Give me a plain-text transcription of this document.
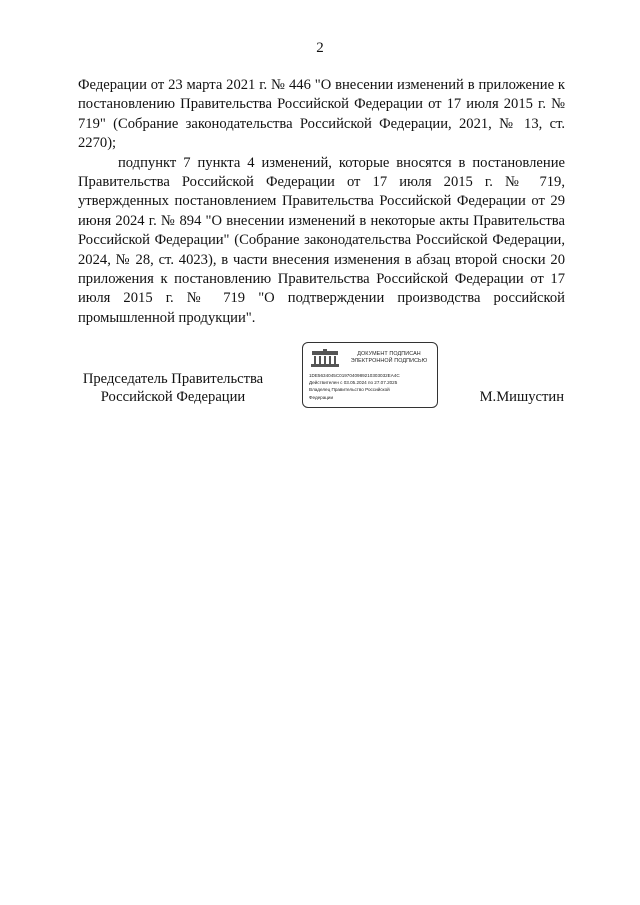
2

Федерации от 23 марта 2021 г. № 446 "О внесении изменений в приложение к постановлению Правительства Российской Федерации от 17 июля 2015 г. № 719" (Собрание законодательства Российской Федерации, 2021, № 13, ст. 2270);

подпункт 7 пункта 4 изменений, которые вносятся в постановление Правительства Российской Федерации от 17 июля 2015 г. № 719, утвержденных постановлением Правительства Российской Федерации от 29 июня 2024 г. № 894 "О внесении изменений в некоторые акты Правительства Российской Федерации" (Собрание законодательства Российской Федерации, 2024, № 28, ст. 4023), в части внесения изменения в абзац второй сноски 20 приложения к постановлению Правительства Российской Федерации от 17 июля 2015 г. № 719 "О подтверждении производства российской промышленной продукции".

Председатель Правительства
Российской Федерации
ДОКУМЕНТ ПОДПИСАН
ЭЛЕКТРОННОЙ ПОДПИСЬЮ
1DE5634045C0197040989210303032EA4C
Действителен с 03.05.2024 по 27.07.2025
Владелец Правительство Российской
Федерации	М.Мишустин
